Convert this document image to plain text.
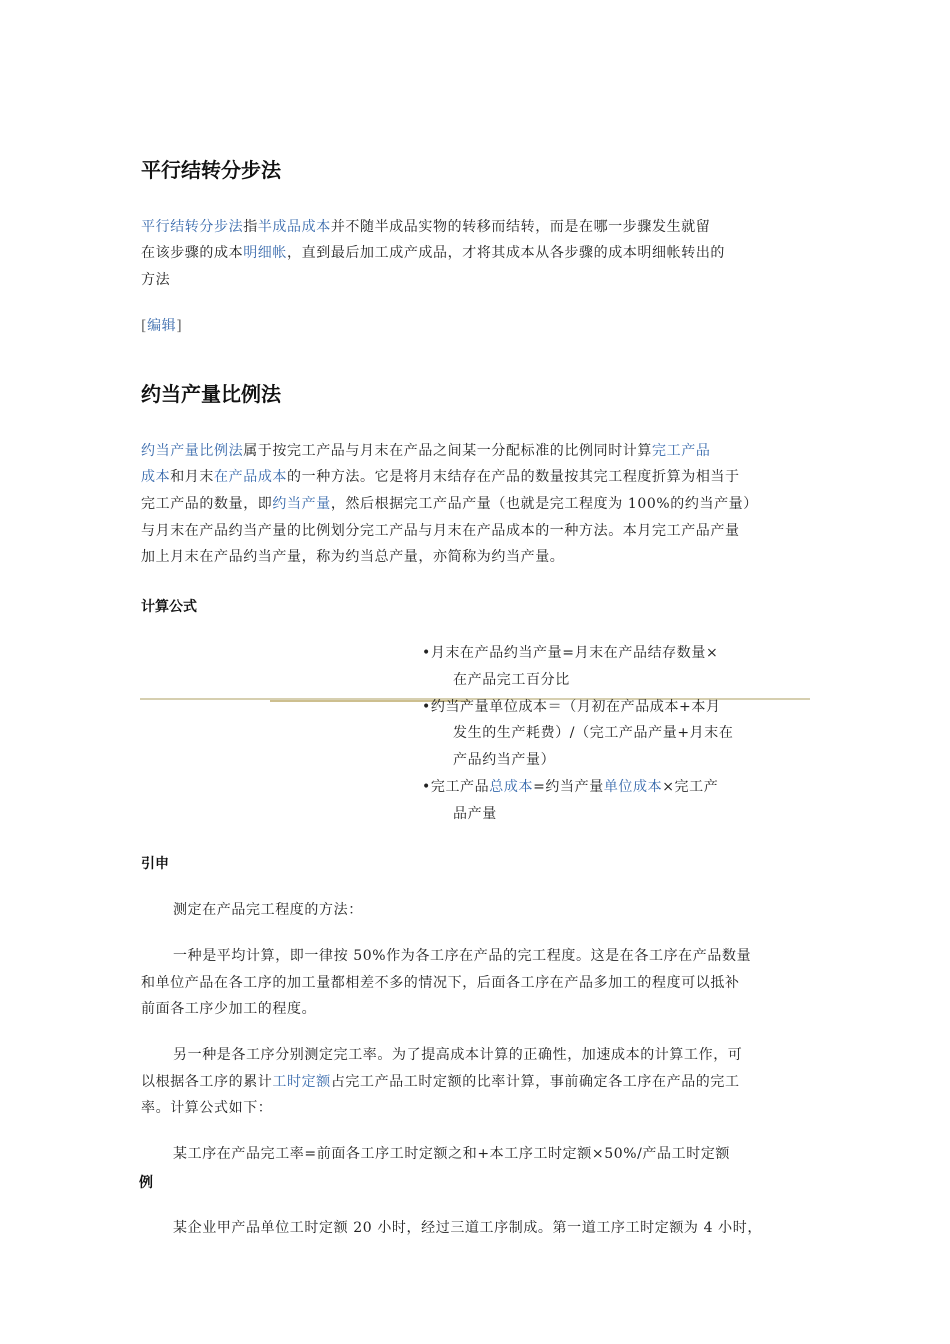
平行结转分步法
平行结转分步法指半成品成本并不随半成品实物的转移而结转，而是在哪一步骤发生就留
在该步骤的成本明细帐，直到最后加工成产成品，才将其成本从各步骤的成本明细帐转出的
方法
[编辑]
约当产量比例法
约当产量比例法属于按完工产品与月末在产品之间某一分配标准的比例同时计算完工产品
成本和月末在产品成本的一种方法。它是将月末结存在产品的数量按其完工程度折算为相当于
完工产品的数量，即约当产量，然后根据完工产品产量（也就是完工程度为 100%的约当产量）
与月末在产品约当产量的比例划分完工产品与月末在产品成本的一种方法。本月完工产品产量
加上月末在产品约当产量，称为约当总产量，亦简称为约当产量。
计算公式
•月末在产品约当产量=月末在产品结存数量×
在产品完工百分比
•约当产量单位成本＝（月初在产品成本+本月
发生的生产耗费）/（完工产品产量+月末在
产品约当产量）
•完工产品总成本=约当产量单位成本×完工产
品产量
引申
测定在产品完工程度的方法：
一种是平均计算，即一律按 50%作为各工序在产品的完工程度。这是在各工序在产品数量
和单位产品在各工序的加工量都相差不多的情况下，后面各工序在产品多加工的程度可以抵补
前面各工序少加工的程度。
另一种是各工序分别测定完工率。为了提高成本计算的正确性，加速成本的计算工作，可
以根据各工序的累计工时定额占完工产品工时定额的比率计算，事前确定各工序在产品的完工
率。计算公式如下：
某工序在产品完工率=前面各工序工时定额之和+本工序工时定额×50%/产品工时定额
例
某企业甲产品单位工时定额 20 小时，经过三道工序制成。第一道工序工时定额为 4 小时，
